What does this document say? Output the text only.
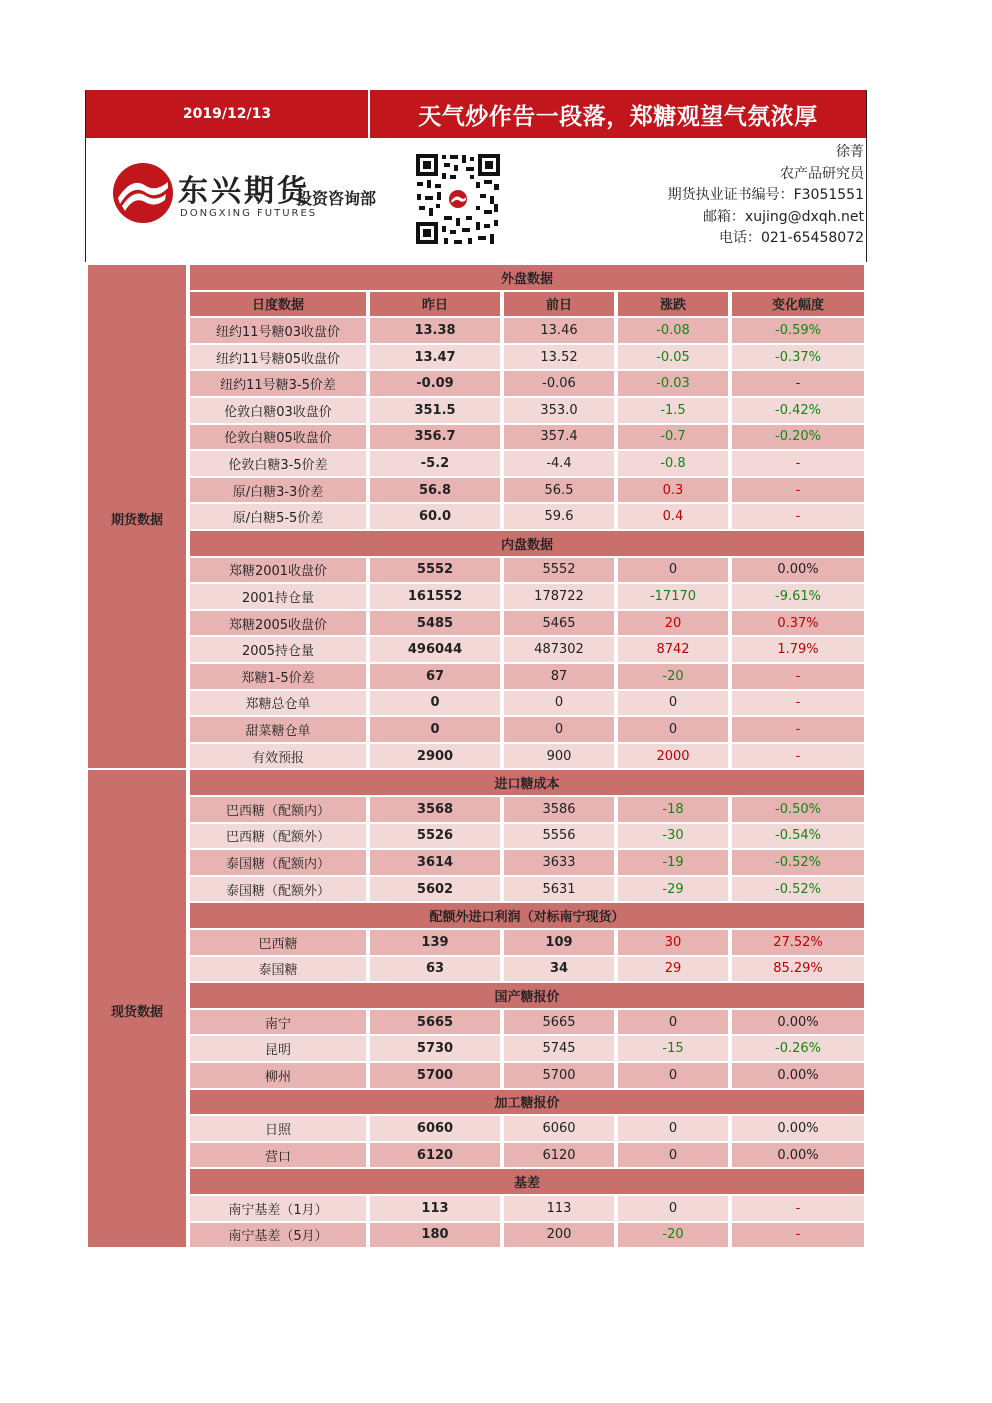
2019/12/13	天气炒作告一段落，郑糖观望气氛浓厚
东兴期货
DONGXING FUTURES
投资咨询部
徐菁
农产品研究员
期货执业证书编号：F3051551
邮箱：xujing@dxqh.net
电话：021-65458072
外盘数据
日度数据	昨日	前日	涨跌	变化幅度
纽约11号糖03收盘价	13.38	13.46	-0.08	-0.59%
纽约11号糖05收盘价	13.47	13.52	-0.05	-0.37%
纽约11号糖3-5价差	-0.09	-0.06	-0.03	-
伦敦白糖03收盘价	351.5	353.0	-1.5	-0.42%
伦敦白糖05收盘价	356.7	357.4	-0.7	-0.20%
伦敦白糖3-5价差	-5.2	-4.4	-0.8	-
原/白糖3-3价差	56.8	56.5	0.3	-
原/白糖5-5价差	60.0	59.6	0.4	-
内盘数据
郑糖2001收盘价	5552	5552	0	0.00%
2001持仓量	161552	178722	-17170	-9.61%
郑糖2005收盘价	5485	5465	20	0.37%
2005持仓量	496044	487302	8742	1.79%
郑糖1-5价差	67	87	-20	-
郑糖总仓单	0	0	0	-
甜菜糖仓单	0	0	0	-
有效预报	2900	900	2000	-
进口糖成本
巴西糖（配额内）	3568	3586	-18	-0.50%
巴西糖（配额外）	5526	5556	-30	-0.54%
泰国糖（配额内）	3614	3633	-19	-0.52%
泰国糖（配额外）	5602	5631	-29	-0.52%
配额外进口利润（对标南宁现货）
巴西糖	139	109	30	27.52%
泰国糖	63	34	29	85.29%
国产糖报价
南宁	5665	5665	0	0.00%
昆明	5730	5745	-15	-0.26%
柳州	5700	5700	0	0.00%
加工糖报价
日照	6060	6060	0	0.00%
营口	6120	6120	0	0.00%
基差
南宁基差（1月）	113	113	0	-
南宁基差（5月）	180	200	-20	-
期货数据
现货数据
